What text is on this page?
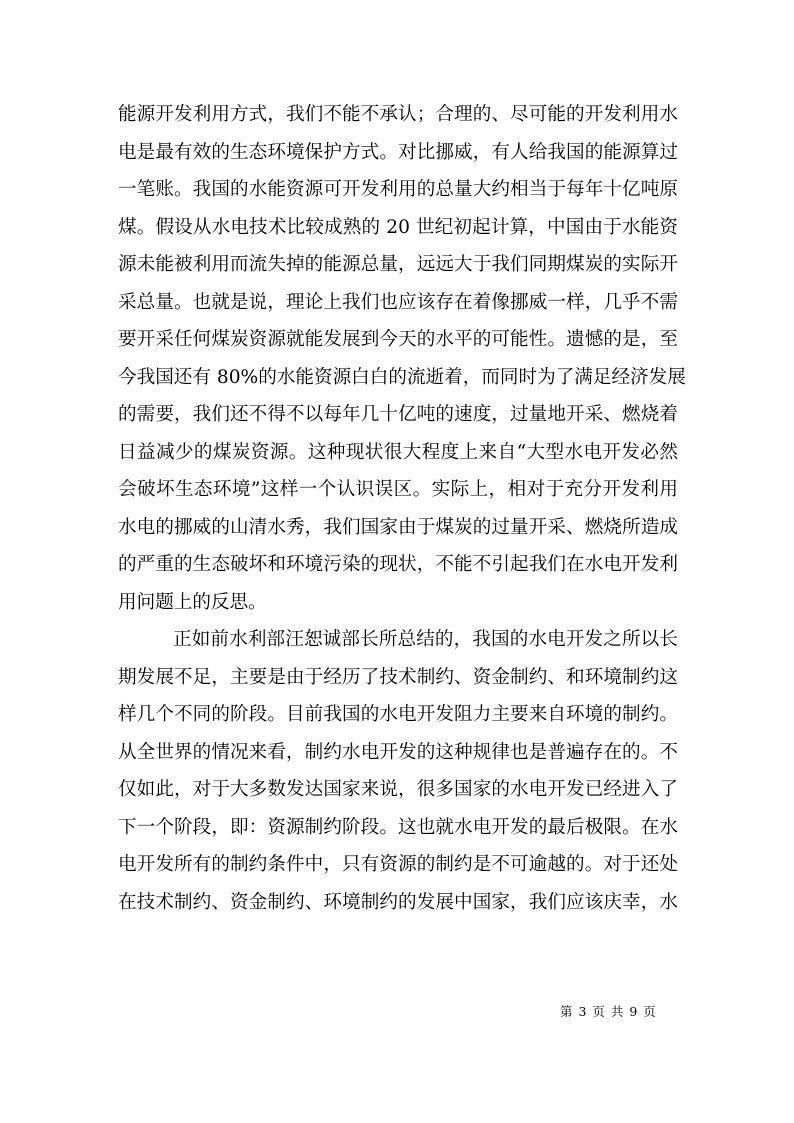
能源开发利用方式，我们不能不承认；合理的、尽可能的开发利用水
电是最有效的生态环境保护方式。对比挪威，有人给我国的能源算过
一笔账。我国的水能资源可开发利用的总量大约相当于每年十亿吨原
煤。假设从水电技术比较成熟的 20 世纪初起计算，中国由于水能资
源未能被利用而流失掉的能源总量，远远大于我们同期煤炭的实际开
采总量。也就是说，理论上我们也应该存在着像挪威一样，几乎不需
要开采任何煤炭资源就能发展到今天的水平的可能性。遗憾的是，至
今我国还有 80%的水能资源白白的流逝着，而同时为了满足经济发展
的需要，我们还不得不以每年几十亿吨的速度，过量地开采、燃烧着
日益减少的煤炭资源。这种现状很大程度上来自“大型水电开发必然
会破坏生态环境”这样一个认识误区。实际上，相对于充分开发利用
水电的挪威的山清水秀，我们国家由于煤炭的过量开采、燃烧所造成
的严重的生态破坏和环境污染的现状，不能不引起我们在水电开发利
用问题上的反思。
正如前水利部汪恕诚部长所总结的，我国的水电开发之所以长
期发展不足，主要是由于经历了技术制约、资金制约、和环境制约这
样几个不同的阶段。目前我国的水电开发阻力主要来自环境的制约。
从全世界的情况来看，制约水电开发的这种规律也是普遍存在的。不
仅如此，对于大多数发达国家来说，很多国家的水电开发已经进入了
下一个阶段，即：资源制约阶段。这也就水电开发的最后极限。在水
电开发所有的制约条件中，只有资源的制约是不可逾越的。对于还处
在技术制约、资金制约、环境制约的发展中国家，我们应该庆幸，水
第 3 页 共 9 页
